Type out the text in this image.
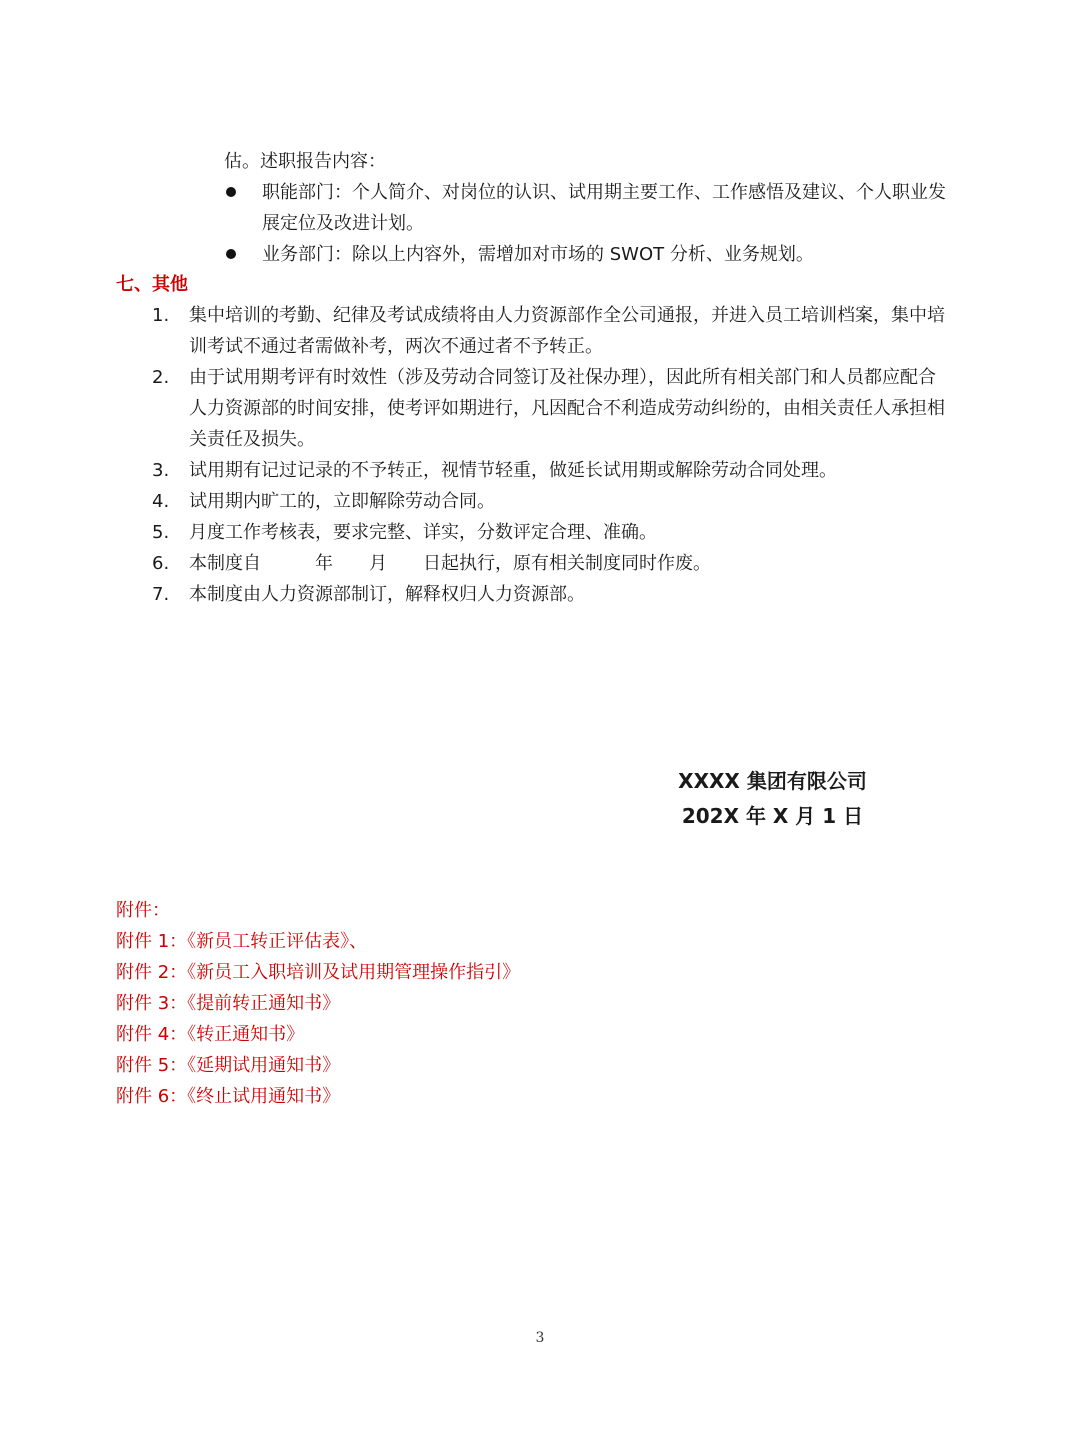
估。述职报告内容：
职能部门：个人简介、对岗位的认识、试用期主要工作、工作感悟及建议、个人职业发
展定位及改进计划。
业务部门：除以上内容外，需增加对市场的 SWOT 分析、业务规划。
七、其他
1. 集中培训的考勤、纪律及考试成绩将由人力资源部作全公司通报，并进入员工培训档案，集中培
训考试不通过者需做补考，两次不通过者不予转正。
2. 由于试用期考评有时效性（涉及劳动合同签订及社保办理），因此所有相关部门和人员都应配合
人力资源部的时间安排，使考评如期进行，凡因配合不利造成劳动纠纷的，由相关责任人承担相
关责任及损失。
3. 试用期有记过记录的不予转正，视情节轻重，做延长试用期或解除劳动合同处理。
4. 试用期内旷工的，立即解除劳动合同。
5. 月度工作考核表，要求完整、详实，分数评定合理、准确。
6. 本制度自　　　年　　月　　日起执行，原有相关制度同时作废。
7. 本制度由人力资源部制订，解释权归人力资源部。
XXXX 集团有限公司
202X 年 X 月 1 日
附件：
附件 1：《新员工转正评估表》、
附件 2：《新员工入职培训及试用期管理操作指引》
附件 3：《提前转正通知书》
附件 4：《转正通知书》
附件 5：《延期试用通知书》
附件 6：《终止试用通知书》
3
